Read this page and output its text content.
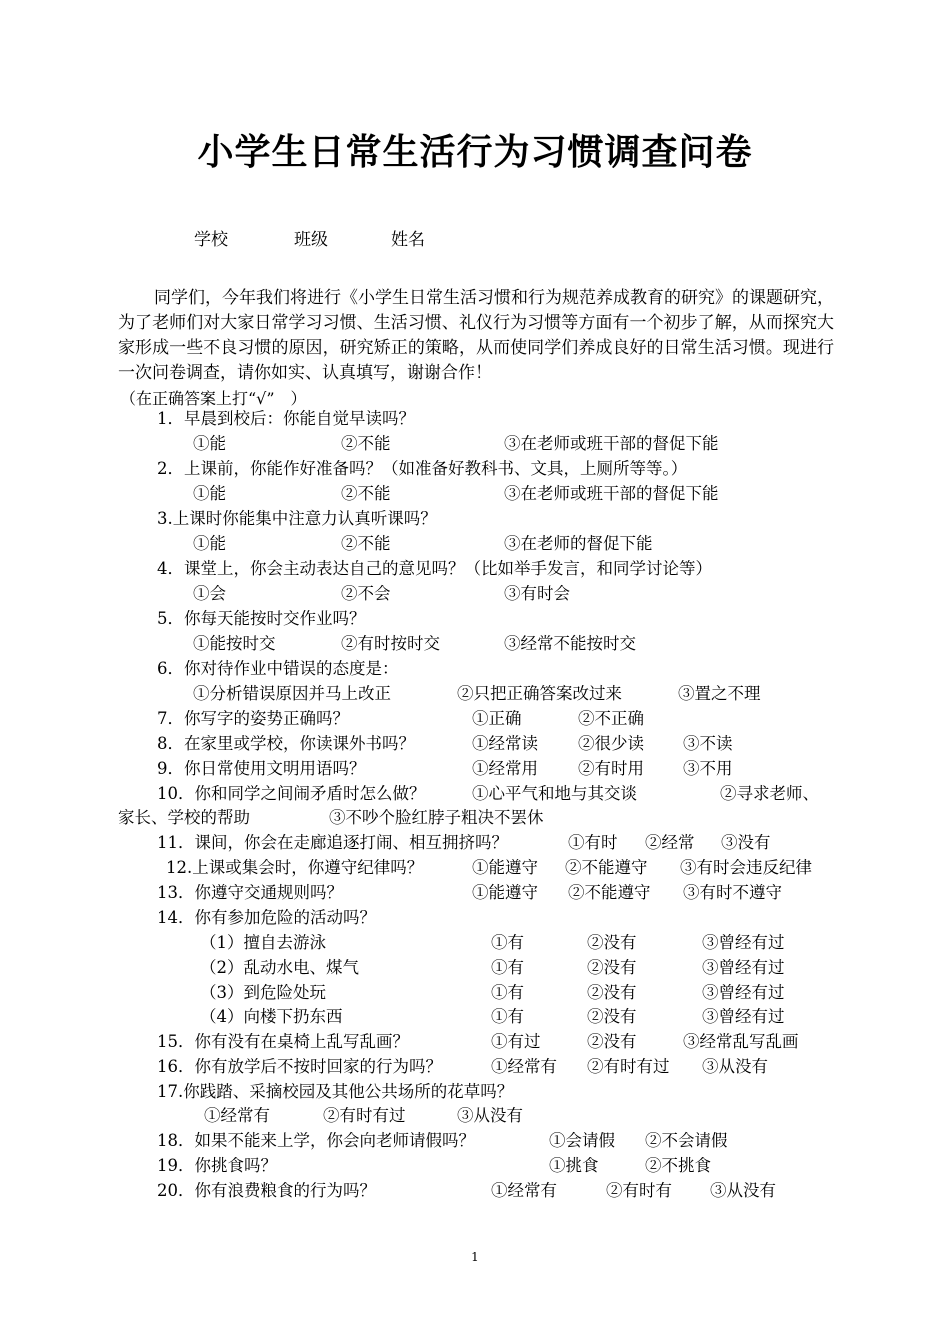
小学生日常生活行为习惯调查问卷
学校	班级	姓名
同学们，今年我们将进行《小学生日常生活习惯和行为规范养成教育的研究》的课题研究，为了老师们对大家日常学习习惯、生活习惯、礼仪行为习惯等方面有一个初步了解，从而探究大家形成一些不良习惯的原因，研究矫正的策略，从而使同学们养成良好的日常生活习惯。现进行一次问卷调查，请你如实、认真填写，谢谢合作！
（在正确答案上打“√”　）
1．早晨到校后：你能自觉早读吗？
①能	②不能	③在老师或班干部的督促下能
2．上课前，你能作好准备吗？（如准备好教科书、文具，上厕所等等。）
①能	②不能	③在老师或班干部的督促下能
3.上课时你能集中注意力认真听课吗？
①能	②不能	③在老师的督促下能
4．课堂上，你会主动表达自己的意见吗？（比如举手发言，和同学讨论等）
①会	②不会	③有时会
5．你每天能按时交作业吗？
①能按时交	②有时按时交	③经常不能按时交
6．你对待作业中错误的态度是：
①分析错误原因并马上改正	②只把正确答案改过来	③置之不理
7．你写字的姿势正确吗？	①正确	②不正确
8．在家里或学校，你读课外书吗？	①经常读 ②很少读 ③不读
9．你日常使用文明用语吗？	①经常用 ②有时用 ③不用
10．你和同学之间闹矛盾时怎么做？	①心平气和地与其交谈	②寻求老师、
家长、学校的帮助	③不吵个脸红脖子粗决不罢休
11．课间，你会在走廊追逐打闹、相互拥挤吗？	①有时 ②经常 ③没有
12.上课或集会时，你遵守纪律吗？	①能遵守 ②不能遵守 ③有时会违反纪律
13．你遵守交通规则吗？	①能遵守 ②不能遵守 ③有时不遵守
14．你有参加危险的活动吗？
（1）擅自去游泳	①有	②没有	③曾经有过
（2）乱动水电、煤气	①有	②没有	③曾经有过
（3）到危险处玩	①有	②没有	③曾经有过
（4）向楼下扔东西	①有	②没有	③曾经有过
15．你有没有在桌椅上乱写乱画？	①有过	②没有	③经常乱写乱画
16．你有放学后不按时回家的行为吗？	①经常有 ②有时有过 ③从没有
17.你践踏、采摘校园及其他公共场所的花草吗？
①经常有	②有时有过	③从没有
18．如果不能来上学，你会向老师请假吗？	①会请假 ②不会请假
19．你挑食吗？	①挑食	②不挑食
20．你有浪费粮食的行为吗？	①经常有	②有时有 ③从没有
1
